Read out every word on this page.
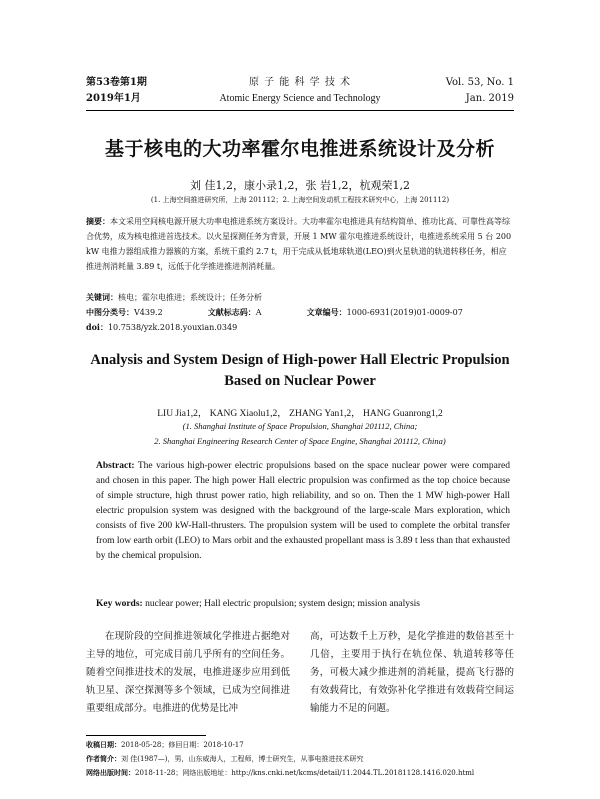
第53卷第1期	原 子 能 科 学 技 术	Vol. 53, No. 1
2019年1月	Atomic Energy Science and Technology	Jan. 2019
基于核电的大功率霍尔电推进系统设计及分析
刘 佳1,2，康小录1,2，张 岩1,2，杭观荣1,2
(1. 上海空间推进研究所，上海 201112；2. 上海空间发动机工程技术研究中心，上海 201112)
摘要：本文采用空间核电源开展大功率电推进系统方案设计。大功率霍尔电推进具有结构简单、推功比高、可靠性高等综合优势，成为核电推进首选技术。以火星探测任务为背景，开展 1 MW 霍尔电推进系统设计，电推进系统采用 5 台 200 kW 电推力器组成推力器簇的方案，系统干重约 2.7 t，用于完成从低地球轨道(LEO)到火星轨道的轨道转移任务，相应推进剂消耗量 3.89 t，远低于化学推进推进剂消耗量。
关键词：核电；霍尔电推进；系统设计；任务分析
中图分类号：V439.2	文献标志码：A	文章编号：1000-6931(2019)01-0009-07
doi：10.7538/yzk.2018.youxian.0349
Analysis and System Design of High-power Hall Electric Propulsion
Based on Nuclear Power
LIU Jia1,2， KANG Xiaolu1,2， ZHANG Yan1,2， HANG Guanrong1,2
(1. Shanghai Institute of Space Propulsion, Shanghai 201112, China;
2. Shanghai Engineering Research Center of Space Engine, Shanghai 201112, China)
Abstract: The various high-power electric propulsions based on the space nuclear power were compared and chosen in this paper. The high power Hall electric propulsion was confirmed as the top choice because of simple structure, high thrust power ratio, high reliability, and so on. Then the 1 MW high-power Hall electric propulsion system was designed with the background of the large-scale Mars exploration, which consists of five 200 kW-Hall-thrusters. The propulsion system will be used to complete the orbital transfer from low earth orbit (LEO) to Mars orbit and the exhausted propellant mass is 3.89 t less than that exhausted by the chemical propulsion.
Key words: nuclear power; Hall electric propulsion; system design; mission analysis
在现阶段的空间推进领域化学推进占据绝对主导的地位，可完成目前几乎所有的空间任务。随着空间推进技术的发展，电推进逐步应用到低轨卫星、深空探测等多个领域，已成为空间推进重要组成部分。电推进的优势是比冲
高，可达数千上万秒，是化学推进的数倍甚至十几倍，主要用于执行在轨位保、轨道转移等任务，可极大减少推进剂的消耗量，提高飞行器的有效载荷比，有效弥补化学推进有效载荷空间运输能力不足的问题。
收稿日期：2018-05-28；修回日期：2018-10-17
作者简介：刘 佳(1987—)，男，山东威海人，工程师，博士研究生，从事电推进技术研究
网络出版时间：2018-11-28；网络出版地址：http://kns.cnki.net/kcms/detail/11.2044.TL.20181128.1416.020.html
